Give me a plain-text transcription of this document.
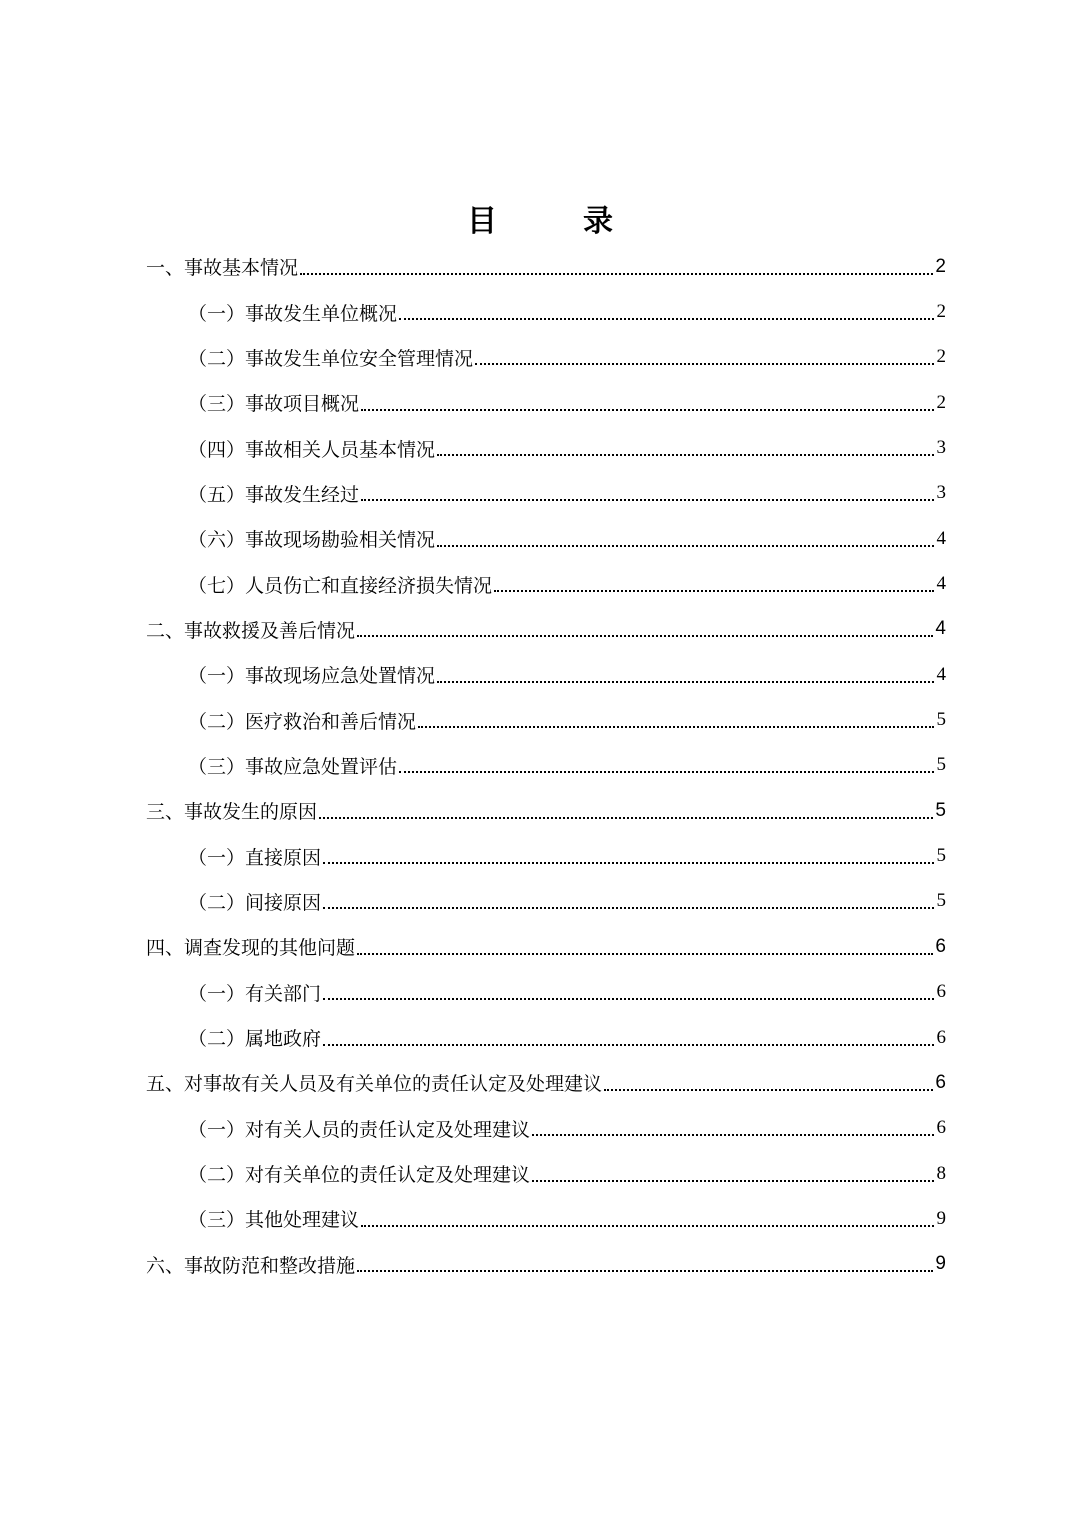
目　录
一、事故基本情况	2
（一）事故发生单位概况	2
（二）事故发生单位安全管理情况	2
（三）事故项目概况	2
（四）事故相关人员基本情况	3
（五）事故发生经过	3
（六）事故现场勘验相关情况	4
（七）人员伤亡和直接经济损失情况	4
二、事故救援及善后情况	4
（一）事故现场应急处置情况	4
（二）医疗救治和善后情况	5
（三）事故应急处置评估	5
三、事故发生的原因	5
（一）直接原因	5
（二）间接原因	5
四、调查发现的其他问题	6
（一）有关部门	6
（二）属地政府	6
五、对事故有关人员及有关单位的责任认定及处理建议	6
（一）对有关人员的责任认定及处理建议	6
（二）对有关单位的责任认定及处理建议	8
（三）其他处理建议	9
六、事故防范和整改措施	9
